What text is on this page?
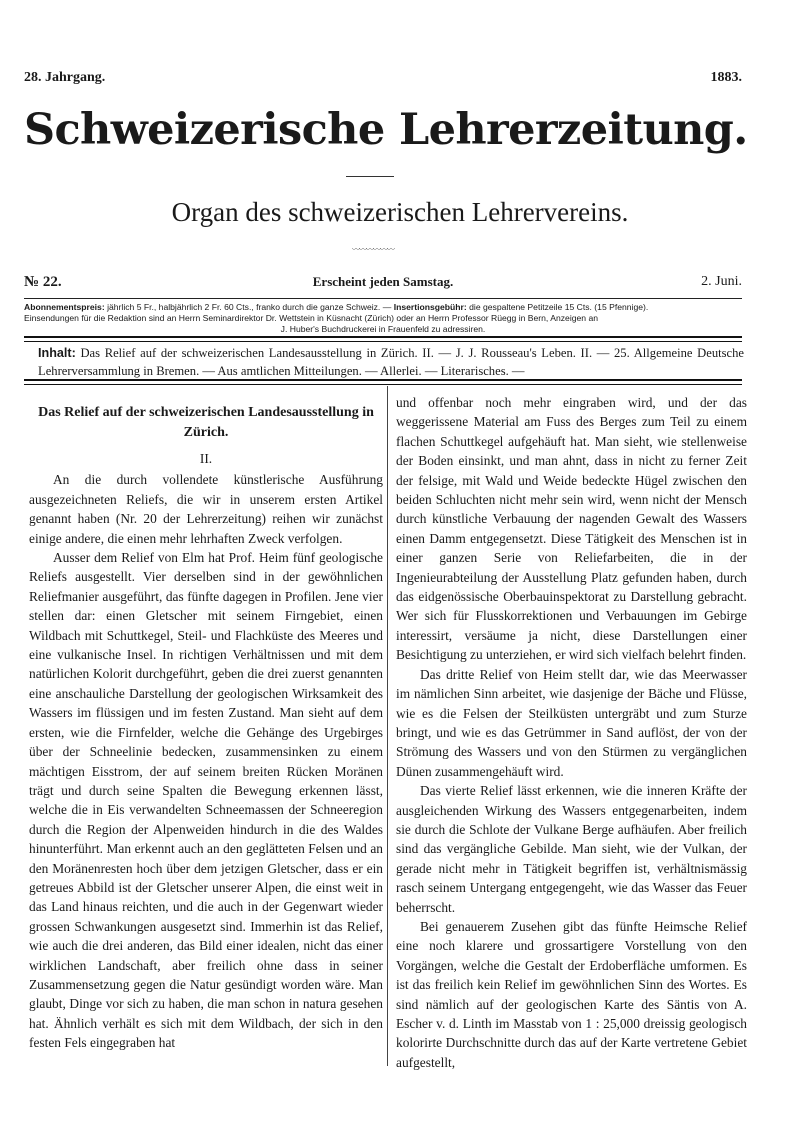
28. Jahrgang.	1883.
Schweizerische Lehrerzeitung.
Organ des schweizerischen Lehrervereins.
〰〰〰〰〰〰
№ 22.	Erscheint jeden Samstag.	2. Juni.
Abonnementspreis: jährlich 5 Fr., halbjährlich 2 Fr. 60 Cts., franko durch die ganze Schweiz. — Insertionsgebühr: die gespaltene Petitzeile 15 Cts. (15 Pfennige).
Einsendungen für die Redaktion sind an Herrn Seminardirektor Dr. Wettstein in Küsnacht (Zürich) oder an Herrn Professor Rüegg in Bern, Anzeigen an
J. Huber's Buchdruckerei in Frauenfeld zu adressiren.
Inhalt: Das Relief auf der schweizerischen Landesausstellung in Zürich. II. — J. J. Rousseau's Leben. II. — 25. Allgemeine Deutsche Lehrerversammlung in Bremen. — Aus amtlichen Mitteilungen. — Allerlei. — Literarisches. —
Das Relief auf der schweizerischen Landesausstellung in Zürich.
II.

An die durch vollendete künstlerische Ausführung ausgezeichneten Reliefs, die wir in unserem ersten Artikel genannt haben (Nr. 20 der Lehrerzeitung) reihen wir zunächst einige andere, die einen mehr lehrhaften Zweck verfolgen.

Ausser dem Relief von Elm hat Prof. Heim fünf geologische Reliefs ausgestellt. Vier derselben sind in der gewöhnlichen Reliefmanier ausgeführt, das fünfte dagegen in Profilen. Jene vier stellen dar: einen Gletscher mit seinem Firngebiet, einen Wildbach mit Schuttkegel, Steil- und Flachküste des Meeres und eine vulkanische Insel. In richtigen Verhältnissen und mit dem natürlichen Kolorit durchgeführt, geben die drei zuerst genannten eine anschauliche Darstellung der geologischen Wirksamkeit des Wassers im flüssigen und im festen Zustand. Man sieht auf dem ersten, wie die Firnfelder, welche die Gehänge des Urgebirges über der Schneelinie bedecken, zusammensinken zu einem mächtigen Eisstrom, der auf seinem breiten Rücken Moränen trägt und durch seine Spalten die Bewegung erkennen lässt, welche die in Eis verwandelten Schneemassen der Schneeregion durch die Region der Alpenweiden hindurch in die des Waldes hinunterführt. Man erkennt auch an den geglätteten Felsen und an den Moränenresten hoch über dem jetzigen Gletscher, dass er ein getreues Abbild ist der Gletscher unserer Alpen, die einst weit in das Land hinaus reichten, und die auch in der Gegenwart wieder grossen Schwankungen ausgesetzt sind. Immerhin ist das Relief, wie auch die drei anderen, das Bild einer idealen, nicht das einer wirklichen Landschaft, aber freilich ohne dass in seiner Zusammensetzung gegen die Natur gesündigt worden wäre. Man glaubt, Dinge vor sich zu haben, die man schon in natura gesehen hat. Ähnlich verhält es sich mit dem Wildbach, der sich in den festen Fels eingegraben hat

und offenbar noch mehr eingraben wird, und der das weggerissene Material am Fuss des Berges zum Teil zu einem flachen Schuttkegel aufgehäuft hat. Man sieht, wie stellenweise der Boden einsinkt, und man ahnt, dass in nicht zu ferner Zeit der felsige, mit Wald und Weide bedeckte Hügel zwischen den beiden Schluchten nicht mehr sein wird, wenn nicht der Mensch durch künstliche Verbauung der nagenden Gewalt des Wassers einen Damm entgegensetzt. Diese Tätigkeit des Menschen ist in einer ganzen Serie von Reliefarbeiten, die in der Ingenieurabteilung der Ausstellung Platz gefunden haben, durch das eidgenössische Oberbauinspektorat zu Darstellung gebracht. Wer sich für Flusskorrektionen und Verbauungen im Gebirge interessirt, versäume ja nicht, diese Darstellungen einer Besichtigung zu unterziehen, er wird sich vielfach belehrt finden.

Das dritte Relief von Heim stellt dar, wie das Meerwasser im nämlichen Sinn arbeitet, wie dasjenige der Bäche und Flüsse, wie es die Felsen der Steilküsten untergräbt und zum Sturze bringt, und wie es das Getrümmer in Sand auflöst, der von der Strömung des Wassers und von den Stürmen zu vergänglichen Dünen zusammengehäuft wird.

Das vierte Relief lässt erkennen, wie die inneren Kräfte der ausgleichenden Wirkung des Wassers entgegenarbeiten, indem sie durch die Schlote der Vulkane Berge aufhäufen. Aber freilich sind das vergängliche Gebilde. Man sieht, wie der Vulkan, der gerade nicht mehr in Tätigkeit begriffen ist, verhältnismässig rasch seinem Untergang entgegengeht, wie das Wasser das Feuer beherrscht.

Bei genauerem Zusehen gibt das fünfte Heimsche Relief eine noch klarere und grossartigere Vorstellung von den Vorgängen, welche die Gestalt der Erdoberfläche umformen. Es ist das freilich kein Relief im gewöhnlichen Sinn des Wortes. Es sind nämlich auf der geologischen Karte des Säntis von A. Escher v. d. Linth im Masstab von 1 : 25,000 dreissig geologisch kolorirte Durchschnitte durch das auf der Karte vertretene Gebiet aufgestellt,
